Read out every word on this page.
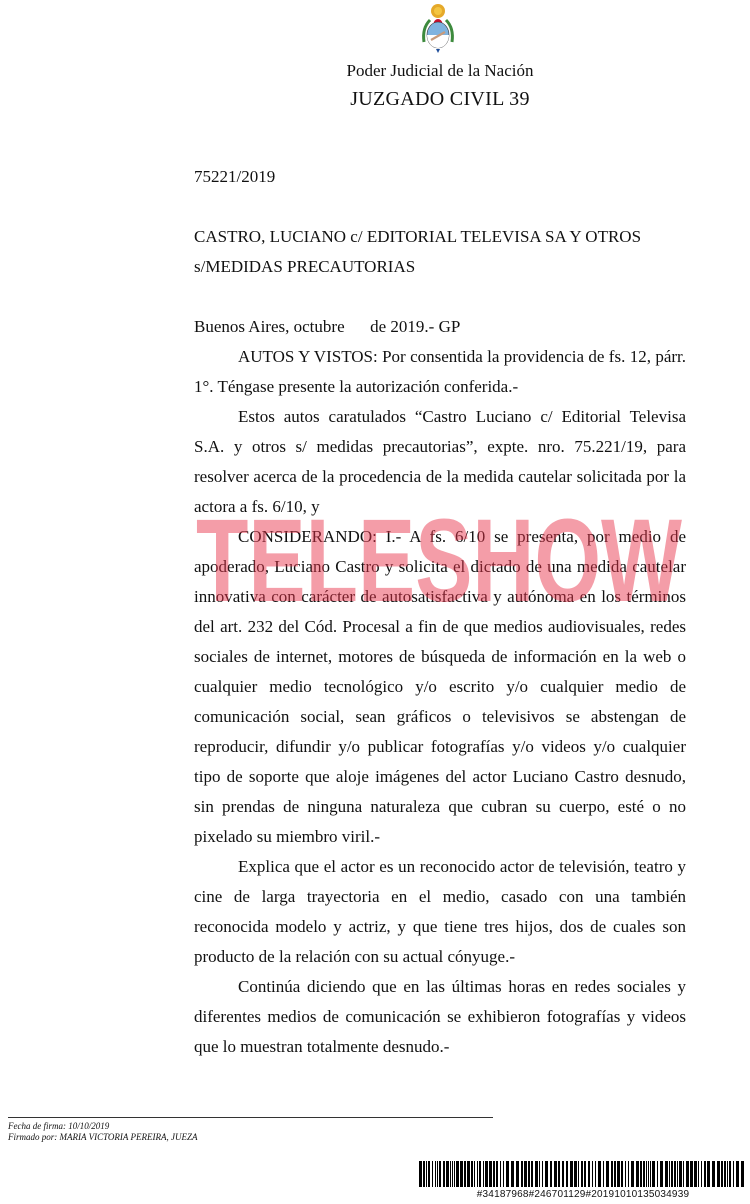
Poder Judicial de la Nación
JUZGADO CIVIL 39
75221/2019
CASTRO, LUCIANO c/ EDITORIAL TELEVISA SA Y OTROS s/MEDIDAS PRECAUTORIAS

Buenos Aires, octubre      de 2019.- GP

AUTOS Y VISTOS: Por consentida la providencia de fs. 12, párr. 1°. Téngase presente la autorización conferida.-

Estos autos caratulados “Castro Luciano c/ Editorial Televisa S.A. y otros s/ medidas precautorias”, expte. nro. 75.221/19, para resolver acerca de la procedencia de la medida cautelar solicitada por la actora a fs. 6/10, y

CONSIDERANDO: I.- A fs. 6/10 se presenta, por medio de apoderado, Luciano Castro y solicita el dictado de una medida cautelar innovativa con carácter de autosatisfactiva y autónoma en los términos del art. 232 del Cód. Procesal a fin de que medios audiovisuales, redes sociales de internet, motores de búsqueda de información en la web o cualquier medio tecnológico y/o escrito y/o cualquier medio de comunicación social, sean gráficos o televisivos se abstengan de reproducir, difundir y/o publicar fotografías y/o videos y/o cualquier tipo de soporte que aloje imágenes del actor Luciano Castro desnudo, sin prendas de ninguna naturaleza que cubran su cuerpo, esté o no pixelado su miembro viril.-

Explica que el actor es un reconocido actor de televisión, teatro y cine de larga trayectoria en el medio, casado con una también reconocida modelo y actriz, y que tiene tres hijos, dos de cuales son producto de la relación con su actual cónyuge.-

Continúa diciendo que en las últimas horas en redes sociales y diferentes medios de comunicación se exhibieron fotografías y videos que lo muestran totalmente desnudo.-

TELESHOW
Fecha de firma: 10/10/2019
Firmado por: MARIA VICTORIA PEREIRA, JUEZA
#34187968#246701129#20191010135034939
